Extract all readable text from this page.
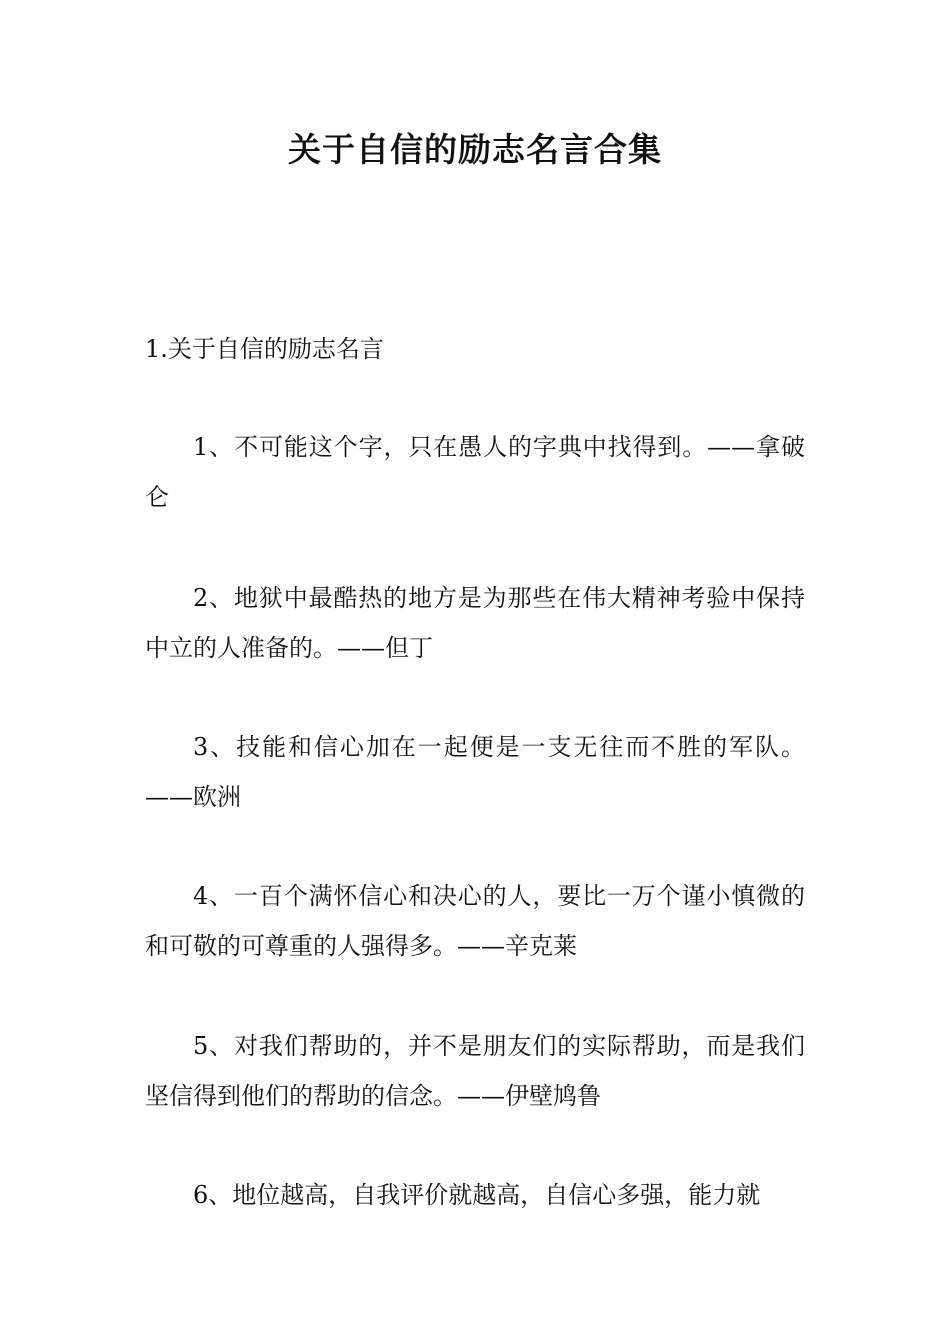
关于自信的励志名言合集

1.关于自信的励志名言

1、不可能这个字，只在愚人的字典中找得到。——拿破仑

2、地狱中最酷热的地方是为那些在伟大精神考验中保持中立的人准备的。——但丁

3、技能和信心加在一起便是一支无往而不胜的军队。——欧洲

4、一百个满怀信心和决心的人，要比一万个谨小慎微的和可敬的可尊重的人强得多。——辛克莱

5、对我们帮助的，并不是朋友们的实际帮助，而是我们坚信得到他们的帮助的信念。——伊壁鸠鲁

6、地位越高，自我评价就越高，自信心多强，能力就
